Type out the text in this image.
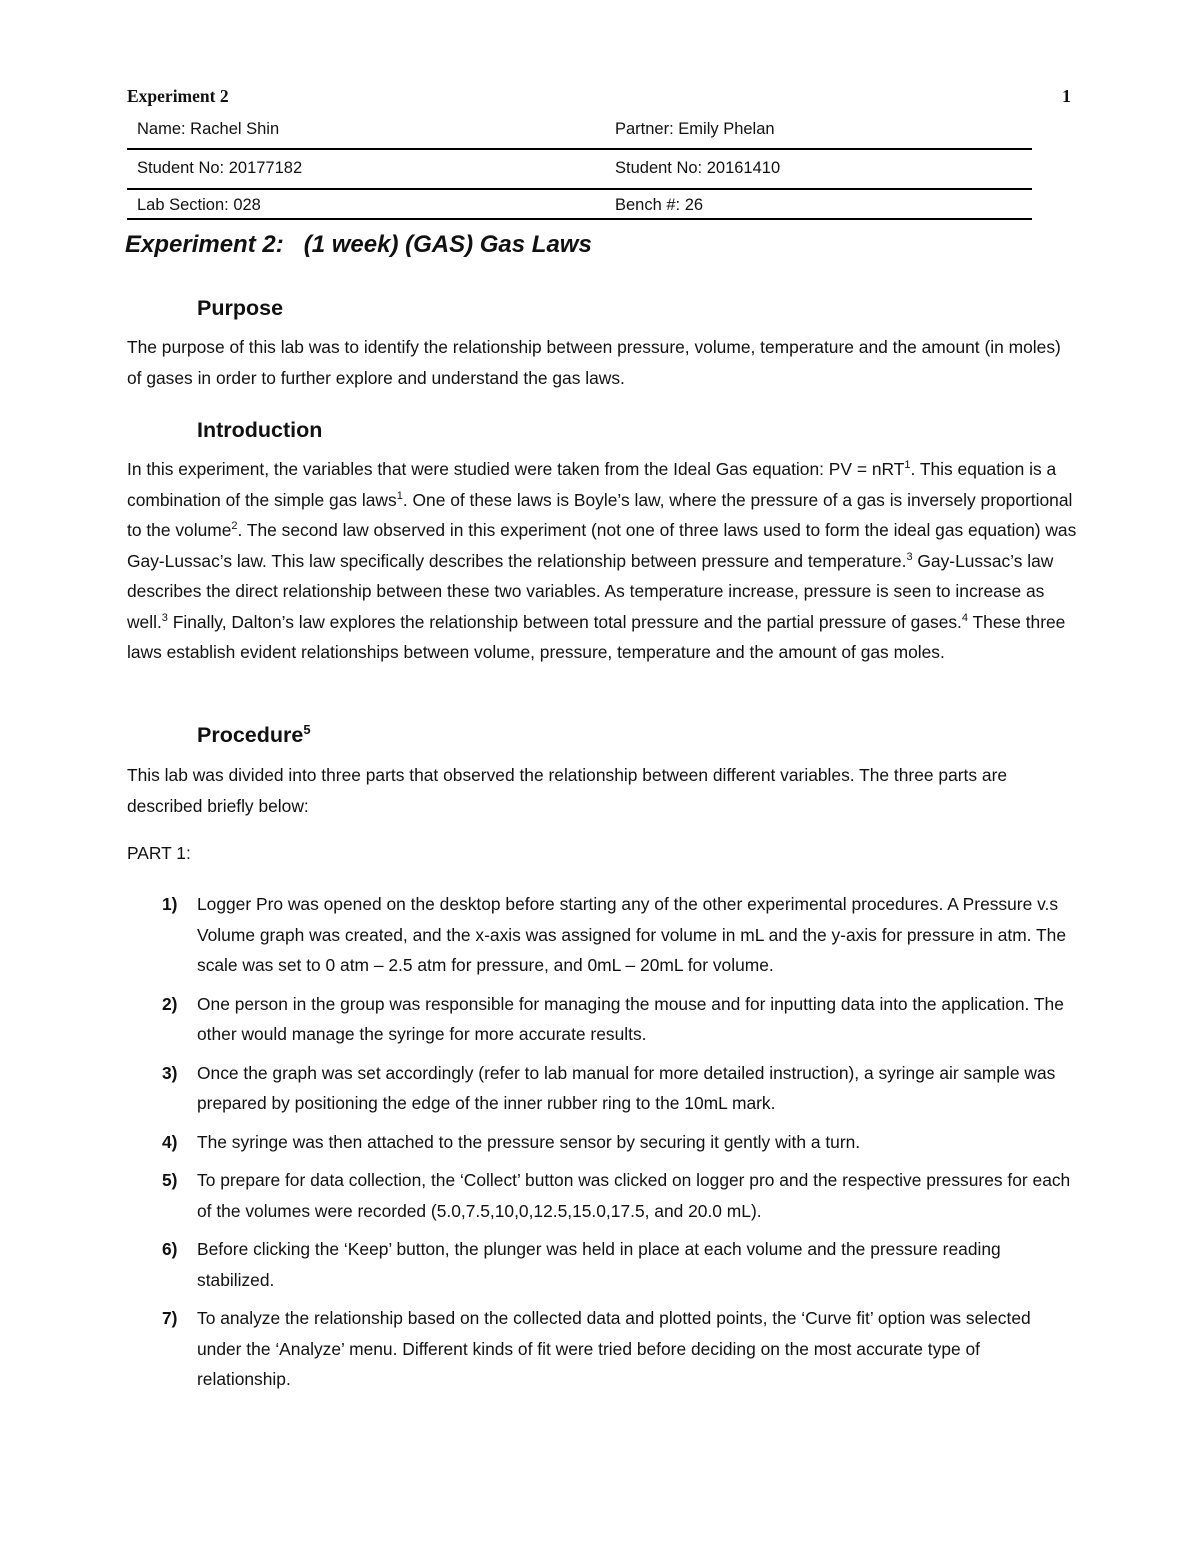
Experiment 2	1
Name: Rachel Shin	Partner: Emily Phelan
Student No: 20177182	Student No: 20161410
Lab Section: 028	Bench #: 26
Experiment 2:   (1 week) (GAS) Gas Laws
Purpose

The purpose of this lab was to identify the relationship between pressure, volume, temperature and the amount (in moles) of gases in order to further explore and understand the gas laws.

Introduction

In this experiment, the variables that were studied were taken from the Ideal Gas equation: PV = nRT$^1$. This equation is a combination of the simple gas laws$^1$. One of these laws is Boyle’s law, where the pressure of a gas is inversely proportional to the volume$^2$. The second law observed in this experiment (not one of three laws used to form the ideal gas equation) was Gay-Lussac’s law. This law specifically describes the relationship between pressure and temperature.$^3$ Gay-Lussac’s law describes the direct relationship between these two variables. As temperature increase, pressure is seen to increase as well.$^3$ Finally, Dalton’s law explores the relationship between total pressure and the partial pressure of gases.$^4$ These three laws establish evident relationships between volume, pressure, temperature and the amount of gas moles.

Procedure$^5$

This lab was divided into three parts that observed the relationship between different variables. The three parts are described briefly below:

PART 1:
1) Logger Pro was opened on the desktop before starting any of the other experimental procedures. A Pressure v.s Volume graph was created, and the x-axis was assigned for volume in mL and the y-axis for pressure in atm. The scale was set to 0 atm – 2.5 atm for pressure, and 0mL – 20mL for volume.
2) One person in the group was responsible for managing the mouse and for inputting data into the application. The other would manage the syringe for more accurate results.
3) Once the graph was set accordingly (refer to lab manual for more detailed instruction), a syringe air sample was prepared by positioning the edge of the inner rubber ring to the 10mL mark.
4) The syringe was then attached to the pressure sensor by securing it gently with a turn.
5) To prepare for data collection, the ‘Collect’ button was clicked on logger pro and the respective pressures for each of the volumes were recorded (5.0,7.5,10,0,12.5,15.0,17.5, and 20.0 mL).
6) Before clicking the ‘Keep’ button, the plunger was held in place at each volume and the pressure reading stabilized.
7) To analyze the relationship based on the collected data and plotted points, the ‘Curve fit’ option was selected under the ‘Analyze’ menu. Different kinds of fit were tried before deciding on the most accurate type of relationship.
